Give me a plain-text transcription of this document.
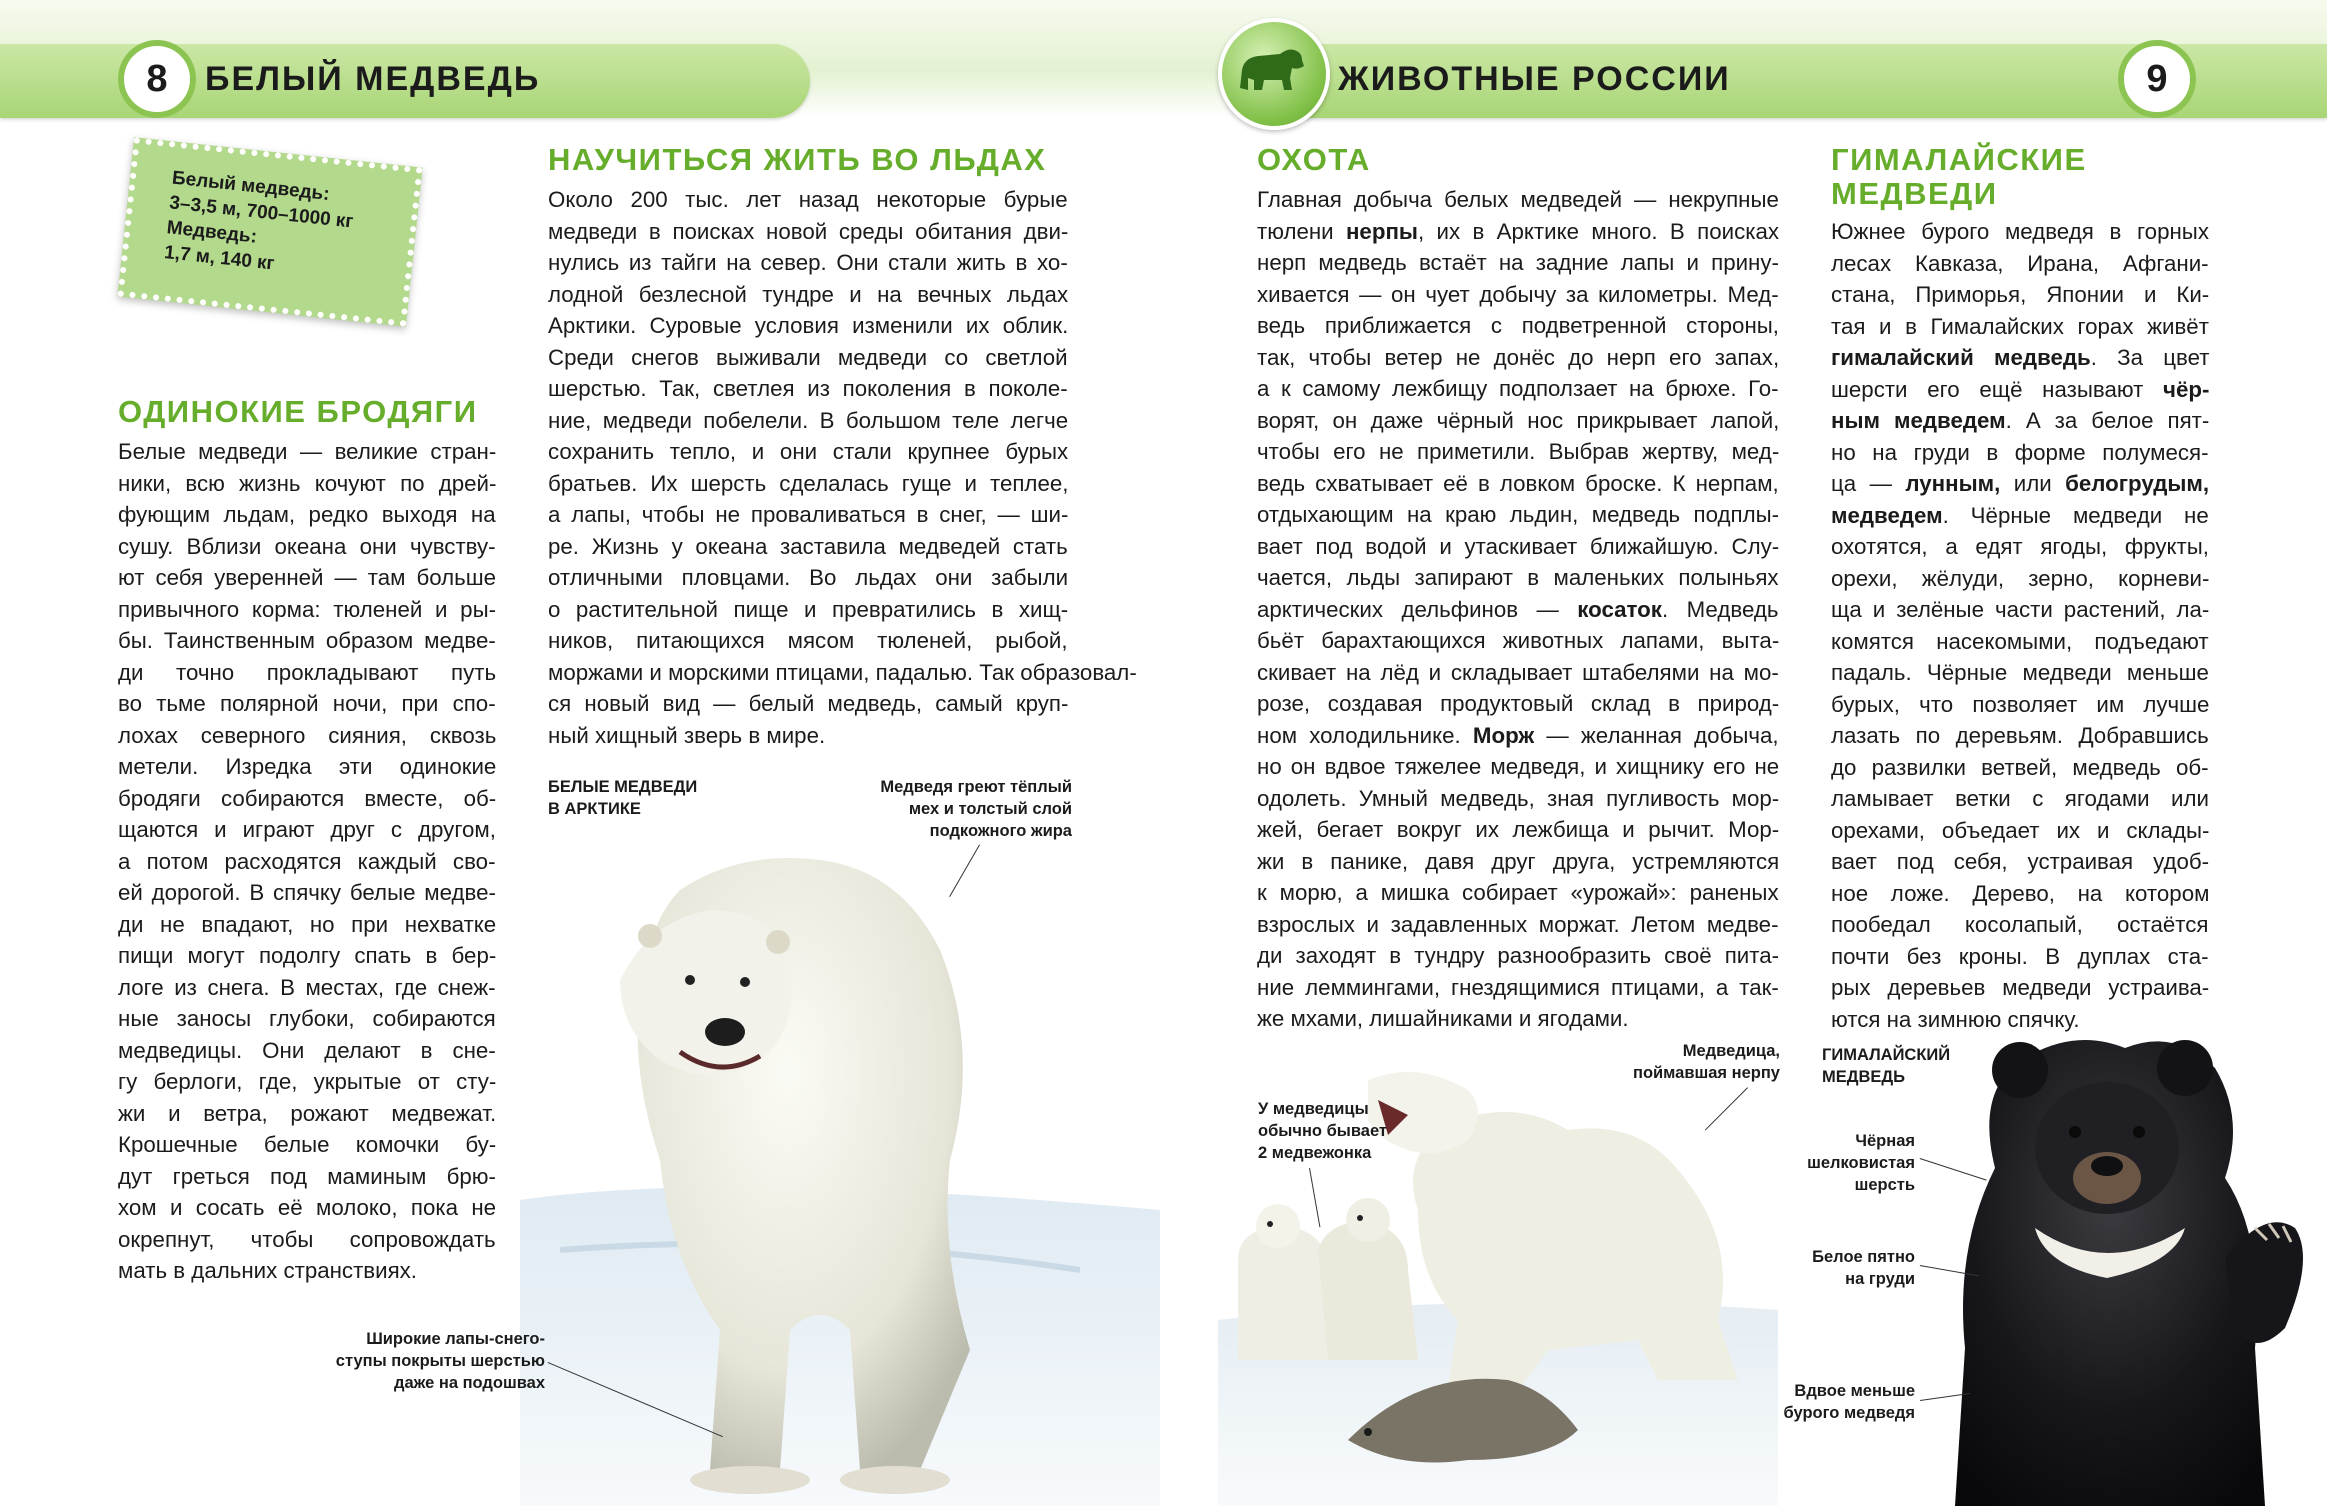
8	БЕЛЫЙ МЕДВЕДЬ	ЖИВОТНЫЕ РОССИИ	9
Белый медведь:
3–3,5 м, 700–1000 кг
Медведь:
1,7 м, 140 кг
ОДИНОКИЕ БРОДЯГИ
НАУЧИТЬСЯ ЖИТЬ ВО ЛЬДАХ	ОХОТА	ГИМАЛАЙСКИЕ
МЕДВЕДИ
Белые медведи — великие стран-
ники, всю жизнь кочуют по дрей-
фующим льдам, редко выходя на
сушу. Вблизи океана они чувству-
ют себя уверенней — там больше
привычного корма: тюленей и ры-
бы. Таинственным образом медве-
ди точно прокладывают путь
во тьме полярной ночи, при спо-
лохах северного сияния, сквозь
метели. Изредка эти одинокие
бродяги собираются вместе, об-
щаются и играют друг с другом,
а потом расходятся каждый сво-
ей дорогой. В спячку белые медве-
ди не впадают, но при нехватке
пищи могут подолгу спать в бер-
логе из снега. В местах, где снеж-
ные заносы глубоки, собираются
медведицы. Они делают в сне-
гу берлоги, где, укрытые от сту-
жи и ветра, рожают медвежат.
Крошечные белые комочки бу-
дут греться под маминым брю-
хом и сосать её молоко, пока не
окрепнут, чтобы сопровождать
мать в дальних странствиях.
Около 200 тыс. лет назад некоторые бурые
медведи в поисках новой среды обитания дви-
нулись из тайги на север. Они стали жить в хо-
лодной безлесной тундре и на вечных льдах
Арктики. Суровые условия изменили их облик.
Среди снегов выживали медведи со светлой
шерстью. Так, светлея из поколения в поколе-
ние, медведи побелели. В большом теле легче
сохранить тепло, и они стали крупнее бурых
братьев. Их шерсть сделалась гуще и теплее,
а лапы, чтобы не проваливаться в снег, — ши-
ре. Жизнь у океана заставила медведей стать
отличными пловцами. Во льдах они забыли
о растительной пище и превратились в хищ-
ников, питающихся мясом тюленей, рыбой,
моржами и морскими птицами, падалью. Так образовал-
ся новый вид — белый медведь, самый круп-
ный хищный зверь в мире.
Главная добыча белых медведей — некрупные
тюлени нерпы, их в Арктике много. В поисках
нерп медведь встаёт на задние лапы и прину-
хивается — он чует добычу за километры. Мед-
ведь приближается с подветренной стороны,
так, чтобы ветер не донёс до нерп его запах,
а к самому лежбищу подползает на брюхе. Го-
ворят, он даже чёрный нос прикрывает лапой,
чтобы его не приметили. Выбрав жертву, мед-
ведь схватывает её в ловком броске. К нерпам,
отдыхающим на краю льдин, медведь подплы-
вает под водой и утаскивает ближайшую. Слу-
чается, льды запирают в маленьких полыньях
арктических дельфинов — косаток. Медведь
бьёт барахтающихся животных лапами, выта-
скивает на лёд и складывает штабелями на мо-
розе, создавая продуктовый склад в природ-
ном холодильнике. Морж — желанная добыча,
но он вдвое тяжелее медведя, и хищнику его не
одолеть. Умный медведь, зная пугливость мор-
жей, бегает вокруг их лежбища и рычит. Мор-
жи в панике, давя друг друга, устремляются
к морю, а мишка собирает «урожай»: раненых
взрослых и задавленных моржат. Летом медве-
ди заходят в тундру разнообразить своё пита-
ние леммингами, гнездящимися птицами, а так-
же мхами, лишайниками и ягодами.
Южнее бурого медведя в горных
лесах Кавказа, Ирана, Афгани-
стана, Приморья, Японии и Ки-
тая и в Гималайских горах живёт
гималайский медведь. За цвет
шерсти его ещё называют чёр-
ным медведем. А за белое пят-
но на груди в форме полумеся-
ца — лунным, или белогрудым,
медведем. Чёрные медведи не
охотятся, а едят ягоды, фрукты,
орехи, жёлуди, зерно, корневи-
ща и зелёные части растений, ла-
комятся насекомыми, подъедают
падаль. Чёрные медведи меньше
бурых, что позволяет им лучше
лазать по деревьям. Добравшись
до развилки ветвей, медведь об-
ламывает ветки с ягодами или
орехами, объедает их и склады-
вает под себя, устраивая удоб-
ное ложе. Дерево, на котором
пообедал косолапый, остаётся
почти без кроны. В дуплах ста-
рых деревьев медведи устраива-
ются на зимнюю спячку.
БЕЛЫЕ МЕДВЕДИ
В АРКТИКЕ
Медведя греют тёплый
мех и толстый слой
подкожного жира
Широкие лапы-снего-
ступы покрыты шерстью
даже на подошвах
У медведицы
обычно бывает
2 медвежонка
Медведица,
поймавшая нерпу
ГИМАЛАЙСКИЙ
МЕДВЕДЬ
Чёрная
шелковистая
шерсть
Белое пятно
на груди
Вдвое меньше
бурого медведя
